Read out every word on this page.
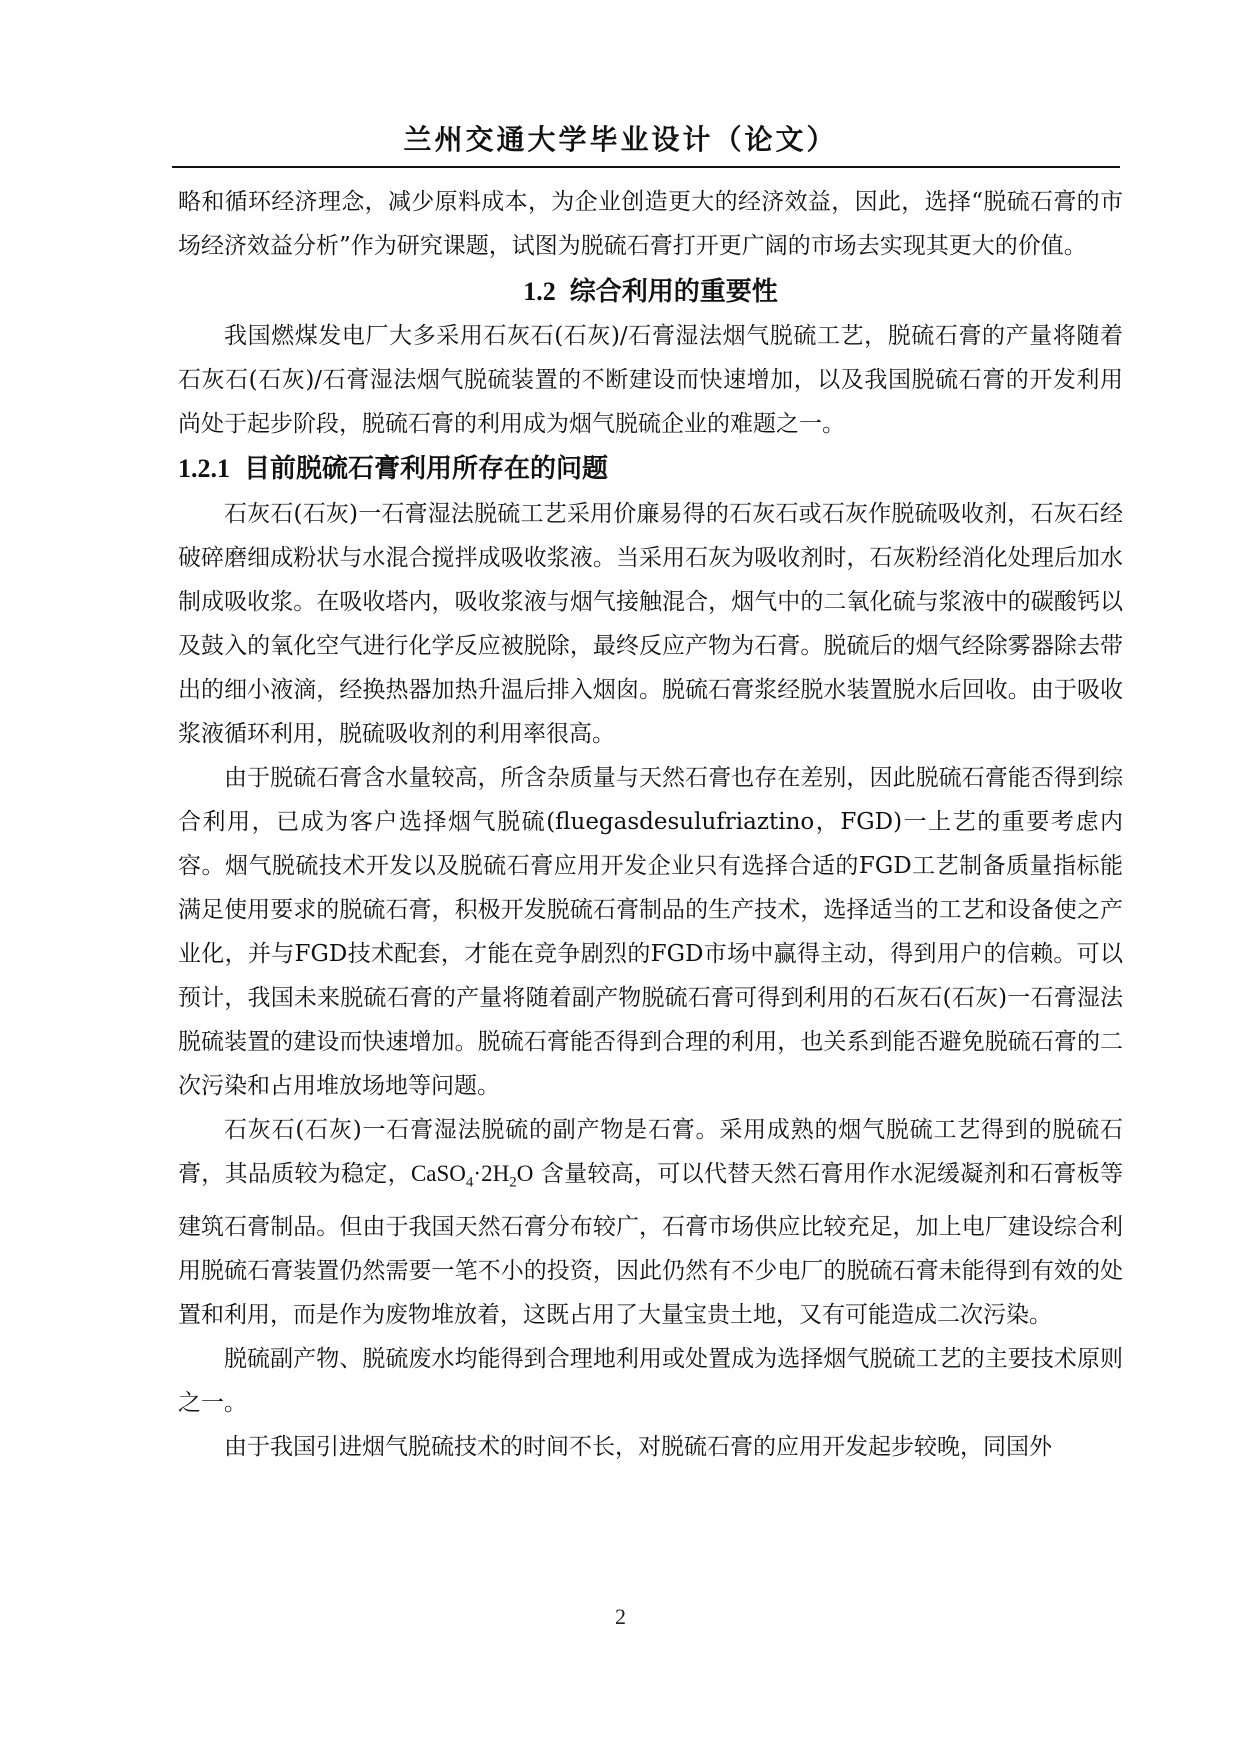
兰州交通大学毕业设计（论文）

略和循环经济理念，减少原料成本，为企业创造更大的经济效益，因此，选择“脱硫石膏的市场经济效益分析”作为研究课题，试图为脱硫石膏打开更广阔的市场去实现其更大的价值。

1.2 综合利用的重要性

我国燃煤发电厂大多采用石灰石(石灰)/石膏湿法烟气脱硫工艺，脱硫石膏的产量将随着石灰石(石灰)/石膏湿法烟气脱硫装置的不断建设而快速增加，以及我国脱硫石膏的开发利用尚处于起步阶段，脱硫石膏的利用成为烟气脱硫企业的难题之一。

1.2.1 目前脱硫石膏利用所存在的问题

石灰石(石灰)一石膏湿法脱硫工艺采用价廉易得的石灰石或石灰作脱硫吸收剂，石灰石经破碎磨细成粉状与水混合搅拌成吸收浆液。当采用石灰为吸收剂时，石灰粉经消化处理后加水制成吸收浆。在吸收塔内，吸收浆液与烟气接触混合，烟气中的二氧化硫与浆液中的碳酸钙以及鼓入的氧化空气进行化学反应被脱除，最终反应产物为石膏。脱硫后的烟气经除雾器除去带出的细小液滴，经换热器加热升温后排入烟囱。脱硫石膏浆经脱水装置脱水后回收。由于吸收浆液循环利用，脱硫吸收剂的利用率很高。

由于脱硫石膏含水量较高，所含杂质量与天然石膏也存在差别，因此脱硫石膏能否得到综合利用，已成为客户选择烟气脱硫(fluegasdesulufriaztino，FGD)一上艺的重要考虑内容。烟气脱硫技术开发以及脱硫石膏应用开发企业只有选择合适的FGD工艺制备质量指标能满足使用要求的脱硫石膏，积极开发脱硫石膏制品的生产技术，选择适当的工艺和设备使之产业化，并与FGD技术配套，才能在竞争剧烈的FGD市场中赢得主动，得到用户的信赖。可以预计，我国未来脱硫石膏的产量将随着副产物脱硫石膏可得到利用的石灰石(石灰)一石膏湿法脱硫装置的建设而快速增加。脱硫石膏能否得到合理的利用，也关系到能否避免脱硫石膏的二次污染和占用堆放场地等问题。

石灰石(石灰)一石膏湿法脱硫的副产物是石膏。采用成熟的烟气脱硫工艺得到的脱硫石膏，其品质较为稳定，$CaSO_4\cdot 2H_2O$ 含量较高，可以代替天然石膏用作水泥缓凝剂和石膏板等建筑石膏制品。但由于我国天然石膏分布较广，石膏市场供应比较充足，加上电厂建设综合利用脱硫石膏装置仍然需要一笔不小的投资，因此仍然有不少电厂的脱硫石膏未能得到有效的处置和利用，而是作为废物堆放着，这既占用了大量宝贵土地，又有可能造成二次污染。

脱硫副产物、脱硫废水均能得到合理地利用或处置成为选择烟气脱硫工艺的主要技术原则之一。

由于我国引进烟气脱硫技术的时间不长，对脱硫石膏的应用开发起步较晚，同国外

2
